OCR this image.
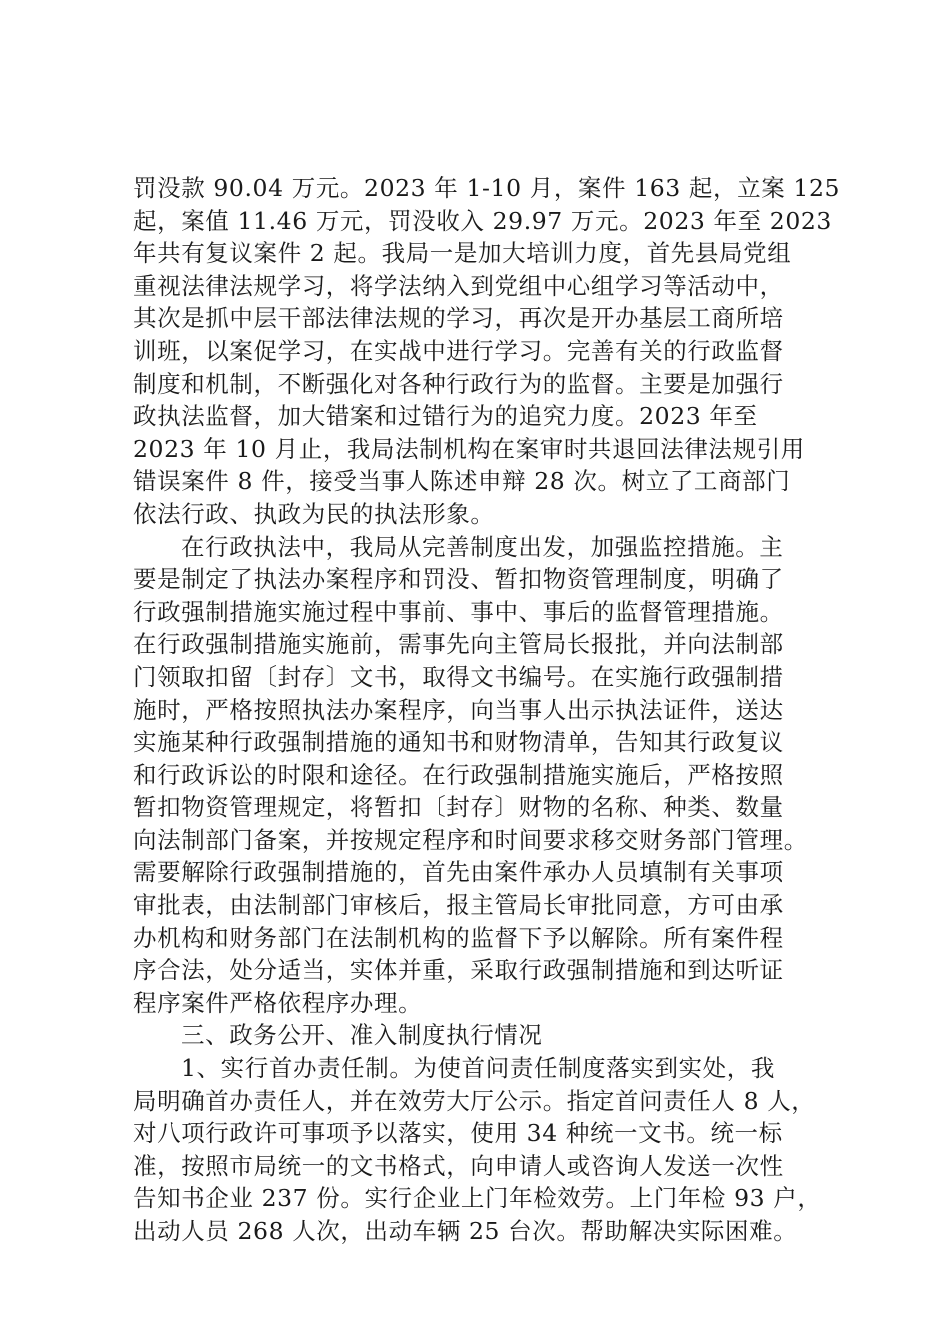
罚没款 90.04 万元。2023 年 1-10 月，案件 163 起，立案 125
起，案值 11.46 万元，罚没收入 29.97 万元。2023 年至 2023
年共有复议案件 2 起。我局一是加大培训力度，首先县局党组
重视法律法规学习，将学法纳入到党组中心组学习等活动中，
其次是抓中层干部法律法规的学习，再次是开办基层工商所培
训班，以案促学习，在实战中进行学习。完善有关的行政监督
制度和机制，不断强化对各种行政行为的监督。主要是加强行
政执法监督，加大错案和过错行为的追究力度。2023 年至
2023 年 10 月止，我局法制机构在案审时共退回法律法规引用
错误案件 8 件，接受当事人陈述申辩 28 次。树立了工商部门
依法行政、执政为民的执法形象。
在行政执法中，我局从完善制度出发，加强监控措施。主
要是制定了执法办案程序和罚没、暂扣物资管理制度，明确了
行政强制措施实施过程中事前、事中、事后的监督管理措施。
在行政强制措施实施前，需事先向主管局长报批，并向法制部
门领取扣留〔封存〕文书，取得文书编号。在实施行政强制措
施时，严格按照执法办案程序，向当事人出示执法证件，送达
实施某种行政强制措施的通知书和财物清单，告知其行政复议
和行政诉讼的时限和途径。在行政强制措施实施后，严格按照
暂扣物资管理规定，将暂扣〔封存〕财物的名称、种类、数量
向法制部门备案，并按规定程序和时间要求移交财务部门管理。
需要解除行政强制措施的，首先由案件承办人员填制有关事项
审批表，由法制部门审核后，报主管局长审批同意，方可由承
办机构和财务部门在法制机构的监督下予以解除。所有案件程
序合法，处分适当，实体并重，采取行政强制措施和到达听证
程序案件严格依程序办理。
三、政务公开、准入制度执行情况
1、实行首办责任制。为使首问责任制度落实到实处，我
局明确首办责任人，并在效劳大厅公示。指定首问责任人 8 人，
对八项行政许可事项予以落实，使用 34 种统一文书。统一标
准，按照市局统一的文书格式，向申请人或咨询人发送一次性
告知书企业 237 份。实行企业上门年检效劳。上门年检 93 户，
出动人员 268 人次，出动车辆 25 台次。帮助解决实际困难。
